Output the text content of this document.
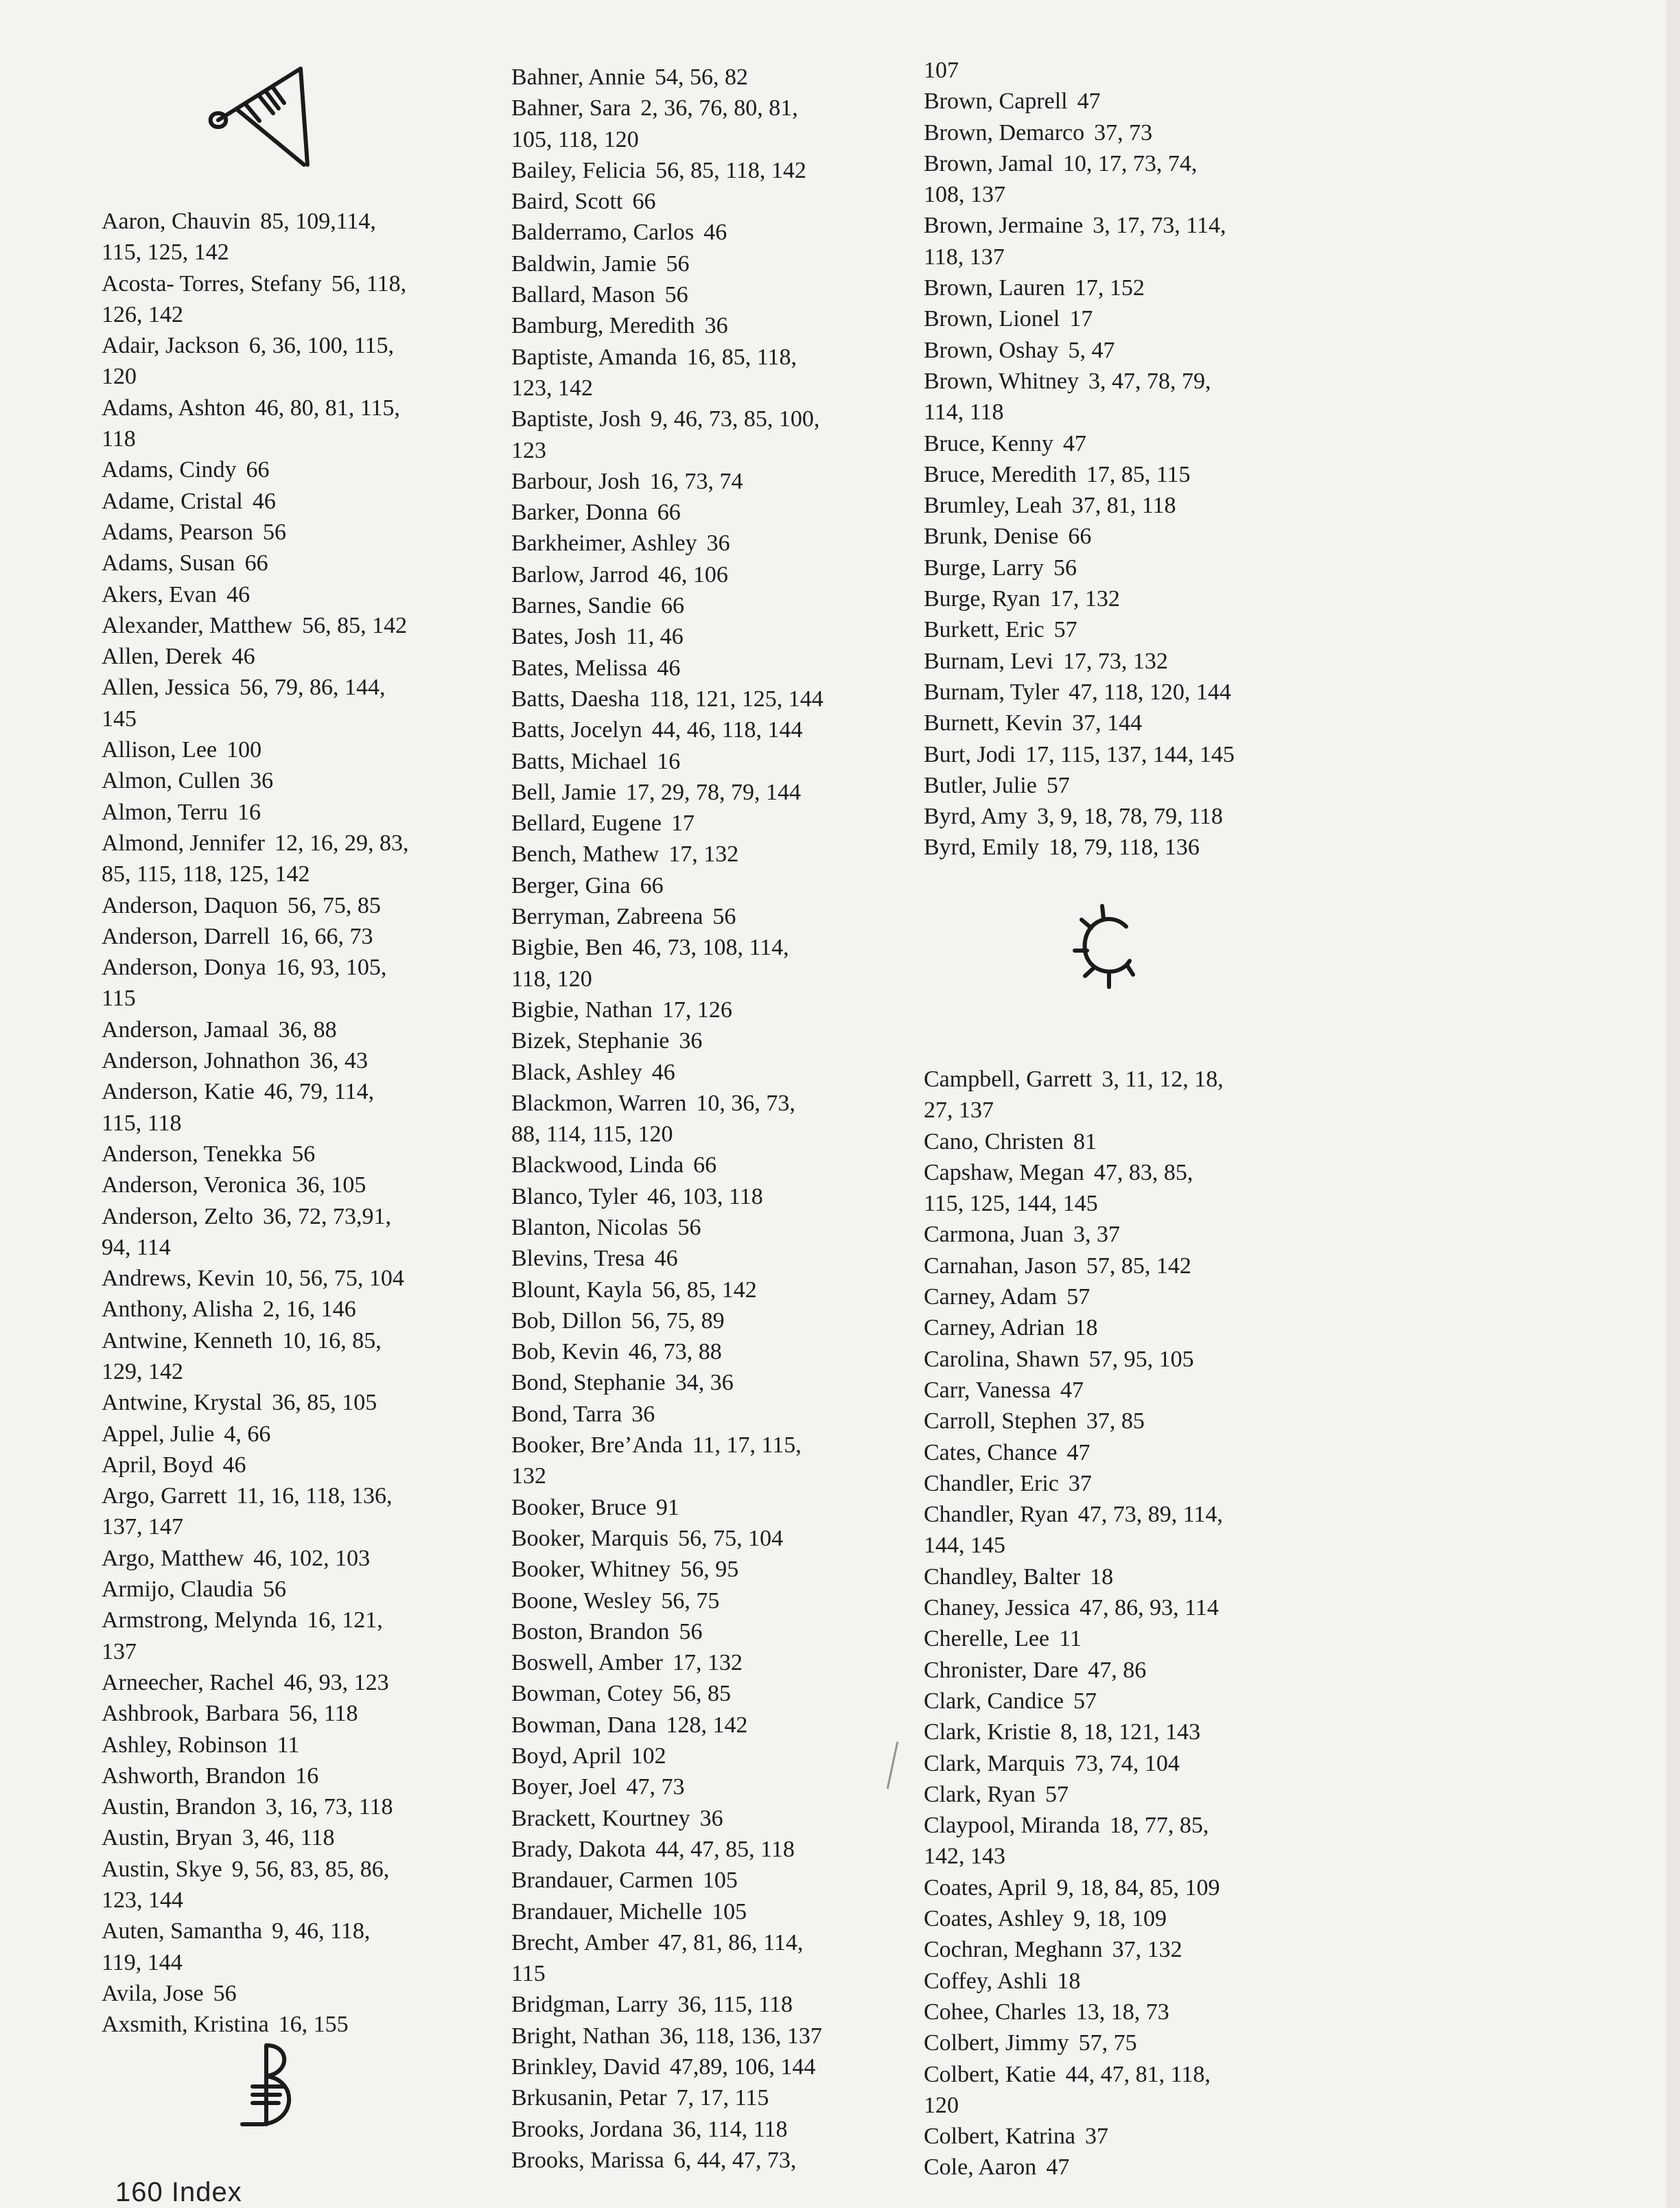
Aaron, Chauvin 85, 109,114,
115, 125, 142
Acosta- Torres, Stefany 56, 118,
126, 142
Adair, Jackson 6, 36, 100, 115,
120
Adams, Ashton 46, 80, 81, 115,
118
Adams, Cindy 66
Adame, Cristal 46
Adams, Pearson 56
Adams, Susan 66
Akers, Evan 46
Alexander, Matthew 56, 85, 142
Allen, Derek 46
Allen, Jessica 56, 79, 86, 144,
145
Allison, Lee 100
Almon, Cullen 36
Almon, Terru 16
Almond, Jennifer 12, 16, 29, 83,
85, 115, 118, 125, 142
Anderson, Daquon 56, 75, 85
Anderson, Darrell 16, 66, 73
Anderson, Donya 16, 93, 105,
115
Anderson, Jamaal 36, 88
Anderson, Johnathon 36, 43
Anderson, Katie 46, 79, 114,
115, 118
Anderson, Tenekka 56
Anderson, Veronica 36, 105
Anderson, Zelto 36, 72, 73,91,
94, 114
Andrews, Kevin 10, 56, 75, 104
Anthony, Alisha 2, 16, 146
Antwine, Kenneth 10, 16, 85,
129, 142
Antwine, Krystal 36, 85, 105
Appel, Julie 4, 66
April, Boyd 46
Argo, Garrett 11, 16, 118, 136,
137, 147
Argo, Matthew 46, 102, 103
Armijo, Claudia 56
Armstrong, Melynda 16, 121,
137
Arneecher, Rachel 46, 93, 123
Ashbrook, Barbara 56, 118
Ashley, Robinson 11
Ashworth, Brandon 16
Austin, Brandon 3, 16, 73, 118
Austin, Bryan 3, 46, 118
Austin, Skye 9, 56, 83, 85, 86,
123, 144
Auten, Samantha 9, 46, 118,
119, 144
Avila, Jose 56
Axsmith, Kristina 16, 155
Bahner, Annie 54, 56, 82
Bahner, Sara 2, 36, 76, 80, 81,
105, 118, 120
Bailey, Felicia 56, 85, 118, 142
Baird, Scott 66
Balderramo, Carlos 46
Baldwin, Jamie 56
Ballard, Mason 56
Bamburg, Meredith 36
Baptiste, Amanda 16, 85, 118,
123, 142
Baptiste, Josh 9, 46, 73, 85, 100,
123
Barbour, Josh 16, 73, 74
Barker, Donna 66
Barkheimer, Ashley 36
Barlow, Jarrod 46, 106
Barnes, Sandie 66
Bates, Josh 11, 46
Bates, Melissa 46
Batts, Daesha 118, 121, 125, 144
Batts, Jocelyn 44, 46, 118, 144
Batts, Michael 16
Bell, Jamie 17, 29, 78, 79, 144
Bellard, Eugene 17
Bench, Mathew 17, 132
Berger, Gina 66
Berryman, Zabreena 56
Bigbie, Ben 46, 73, 108, 114,
118, 120
Bigbie, Nathan 17, 126
Bizek, Stephanie 36
Black, Ashley 46
Blackmon, Warren 10, 36, 73,
88, 114, 115, 120
Blackwood, Linda 66
Blanco, Tyler 46, 103, 118
Blanton, Nicolas 56
Blevins, Tresa 46
Blount, Kayla 56, 85, 142
Bob, Dillon 56, 75, 89
Bob, Kevin 46, 73, 88
Bond, Stephanie 34, 36
Bond, Tarra 36
Booker, Bre’Anda 11, 17, 115,
132
Booker, Bruce 91
Booker, Marquis 56, 75, 104
Booker, Whitney 56, 95
Boone, Wesley 56, 75
Boston, Brandon 56
Boswell, Amber 17, 132
Bowman, Cotey 56, 85
Bowman, Dana 128, 142
Boyd, April 102
Boyer, Joel 47, 73
Brackett, Kourtney 36
Brady, Dakota 44, 47, 85, 118
Brandauer, Carmen 105
Brandauer, Michelle 105
Brecht, Amber 47, 81, 86, 114,
115
Bridgman, Larry 36, 115, 118
Bright, Nathan 36, 118, 136, 137
Brinkley, David 47,89, 106, 144
Brkusanin, Petar 7, 17, 115
Brooks, Jordana 36, 114, 118
Brooks, Marissa 6, 44, 47, 73,
107
Brown, Caprell 47
Brown, Demarco 37, 73
Brown, Jamal 10, 17, 73, 74,
108, 137
Brown, Jermaine 3, 17, 73, 114,
118, 137
Brown, Lauren 17, 152
Brown, Lionel 17
Brown, Oshay 5, 47
Brown, Whitney 3, 47, 78, 79,
114, 118
Bruce, Kenny 47
Bruce, Meredith 17, 85, 115
Brumley, Leah 37, 81, 118
Brunk, Denise 66
Burge, Larry 56
Burge, Ryan 17, 132
Burkett, Eric 57
Burnam, Levi 17, 73, 132
Burnam, Tyler 47, 118, 120, 144
Burnett, Kevin 37, 144
Burt, Jodi 17, 115, 137, 144, 145
Butler, Julie 57
Byrd, Amy 3, 9, 18, 78, 79, 118
Byrd, Emily 18, 79, 118, 136
Campbell, Garrett 3, 11, 12, 18,
27, 137
Cano, Christen 81
Capshaw, Megan 47, 83, 85,
115, 125, 144, 145
Carmona, Juan 3, 37
Carnahan, Jason 57, 85, 142
Carney, Adam 57
Carney, Adrian 18
Carolina, Shawn 57, 95, 105
Carr, Vanessa 47
Carroll, Stephen 37, 85
Cates, Chance 47
Chandler, Eric 37
Chandler, Ryan 47, 73, 89, 114,
144, 145
Chandley, Balter 18
Chaney, Jessica 47, 86, 93, 114
Cherelle, Lee 11
Chronister, Dare 47, 86
Clark, Candice 57
Clark, Kristie 8, 18, 121, 143
Clark, Marquis 73, 74, 104
Clark, Ryan 57
Claypool, Miranda 18, 77, 85,
142, 143
Coates, April 9, 18, 84, 85, 109
Coates, Ashley 9, 18, 109
Cochran, Meghann 37, 132
Coffey, Ashli 18
Cohee, Charles 13, 18, 73
Colbert, Jimmy 57, 75
Colbert, Katie 44, 47, 81, 118,
120
Colbert, Katrina 37
Cole, Aaron 47
160 Index
